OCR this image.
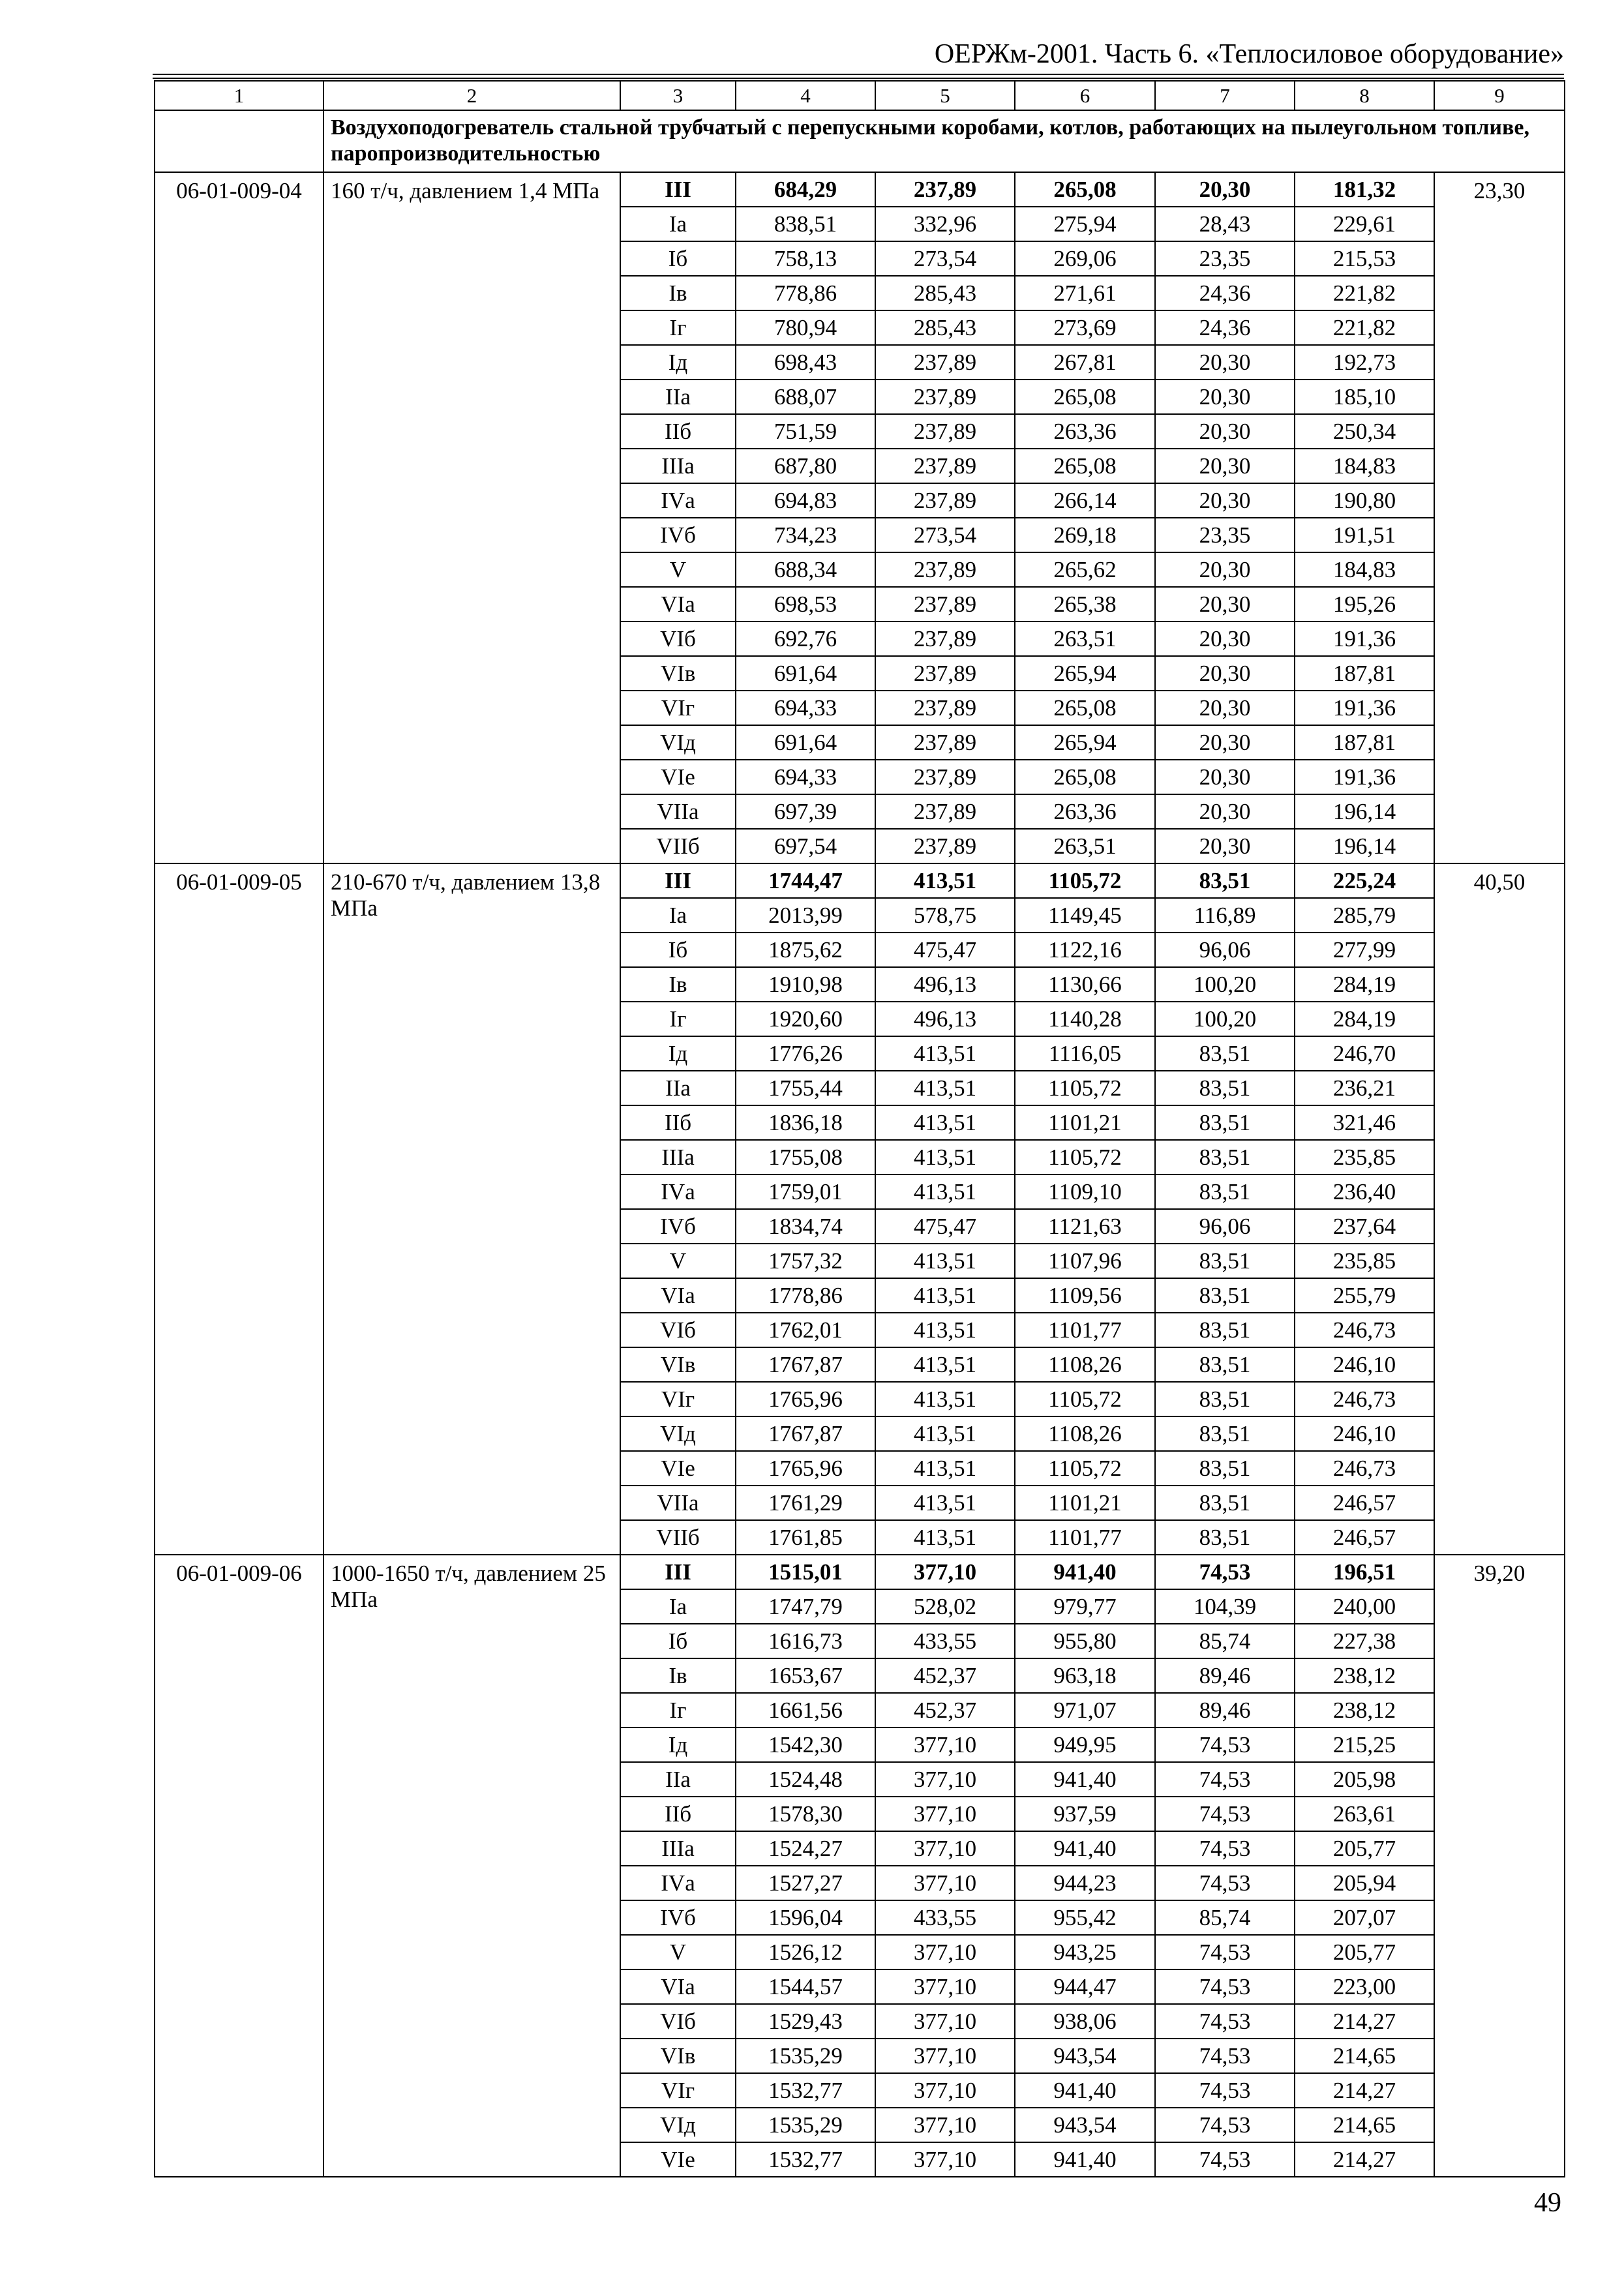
ОЕРЖм-2001. Часть 6. «Теплосиловое оборудование»
1	2	3	4	5	6	7	8	9

	Воздухоподогреватель стальной трубчатый с перепускными коробами, котлов, работающих на пылеугольном топливе, паропроизводительностью							

06-01-009-04	160 т/ч, давлением 1,4 МПа	III	684,29	237,89	265,08	20,30	181,32	23,30
		Iа	838,51	332,96	275,94	28,43	229,61	
		Iб	758,13	273,54	269,06	23,35	215,53	
		Iв	778,86	285,43	271,61	24,36	221,82	
		Iг	780,94	285,43	273,69	24,36	221,82	
		Iд	698,43	237,89	267,81	20,30	192,73	
		IIа	688,07	237,89	265,08	20,30	185,10	
		IIб	751,59	237,89	263,36	20,30	250,34	
		IIIа	687,80	237,89	265,08	20,30	184,83	
		IVа	694,83	237,89	266,14	20,30	190,80	
		IVб	734,23	273,54	269,18	23,35	191,51	
		V	688,34	237,89	265,62	20,30	184,83	
		VIа	698,53	237,89	265,38	20,30	195,26	
		VIб	692,76	237,89	263,51	20,30	191,36	
		VIв	691,64	237,89	265,94	20,30	187,81	
		VIг	694,33	237,89	265,08	20,30	191,36	
		VIд	691,64	237,89	265,94	20,30	187,81	
		VIе	694,33	237,89	265,08	20,30	191,36	
		VIIа	697,39	237,89	263,36	20,30	196,14	
		VIIб	697,54	237,89	263,51	20,30	196,14	
06-01-009-05	210-670 т/ч, давлением 13,8 МПа	III	1744,47	413,51	1105,72	83,51	225,24	40,50
		Iа	2013,99	578,75	1149,45	116,89	285,79	
		Iб	1875,62	475,47	1122,16	96,06	277,99	
		Iв	1910,98	496,13	1130,66	100,20	284,19	
		Iг	1920,60	496,13	1140,28	100,20	284,19	
		Iд	1776,26	413,51	1116,05	83,51	246,70	
		IIа	1755,44	413,51	1105,72	83,51	236,21	
		IIб	1836,18	413,51	1101,21	83,51	321,46	
		IIIа	1755,08	413,51	1105,72	83,51	235,85	
		IVа	1759,01	413,51	1109,10	83,51	236,40	
		IVб	1834,74	475,47	1121,63	96,06	237,64	
		V	1757,32	413,51	1107,96	83,51	235,85	
		VIа	1778,86	413,51	1109,56	83,51	255,79	
		VIб	1762,01	413,51	1101,77	83,51	246,73	
		VIв	1767,87	413,51	1108,26	83,51	246,10	
		VIг	1765,96	413,51	1105,72	83,51	246,73	
		VIд	1767,87	413,51	1108,26	83,51	246,10	
		VIе	1765,96	413,51	1105,72	83,51	246,73	
		VIIа	1761,29	413,51	1101,21	83,51	246,57	
		VIIб	1761,85	413,51	1101,77	83,51	246,57	
06-01-009-06	1000-1650 т/ч, давлением 25 МПа	III	1515,01	377,10	941,40	74,53	196,51	39,20
		Iа	1747,79	528,02	979,77	104,39	240,00	
		Iб	1616,73	433,55	955,80	85,74	227,38	
		Iв	1653,67	452,37	963,18	89,46	238,12	
		Iг	1661,56	452,37	971,07	89,46	238,12	
		Iд	1542,30	377,10	949,95	74,53	215,25	
		IIа	1524,48	377,10	941,40	74,53	205,98	
		IIб	1578,30	377,10	937,59	74,53	263,61	
		IIIа	1524,27	377,10	941,40	74,53	205,77	
		IVа	1527,27	377,10	944,23	74,53	205,94	
		IVб	1596,04	433,55	955,42	85,74	207,07	
		V	1526,12	377,10	943,25	74,53	205,77	
		VIа	1544,57	377,10	944,47	74,53	223,00	
		VIб	1529,43	377,10	938,06	74,53	214,27	
		VIв	1535,29	377,10	943,54	74,53	214,65	
		VIг	1532,77	377,10	941,40	74,53	214,27	
		VIд	1535,29	377,10	943,54	74,53	214,65	
		VIе	1532,77	377,10	941,40	74,53	214,27	
49
